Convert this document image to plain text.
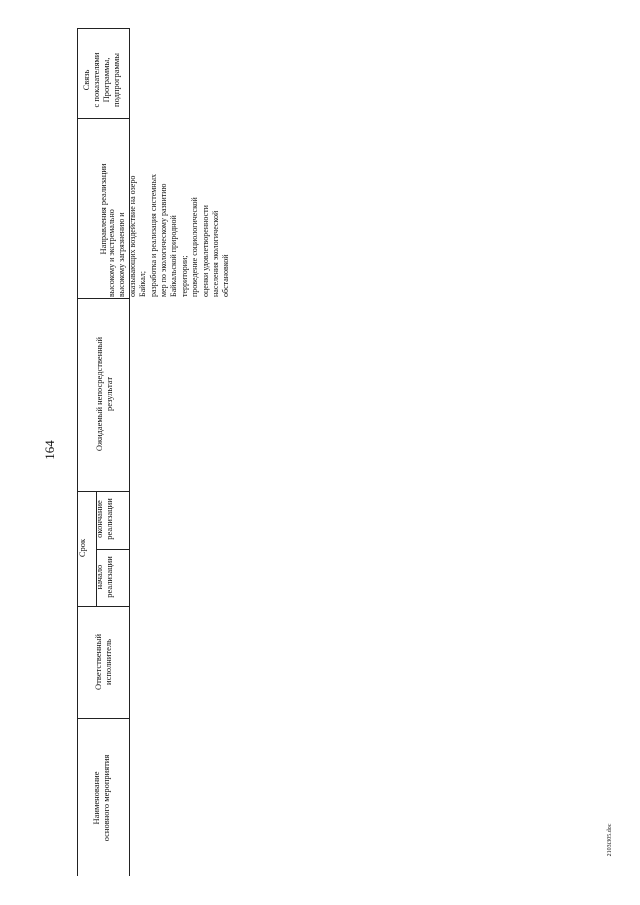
164
2103i305.doc
Связь с показателями Программы, подпрограммы
Направления реализации
Ожидаемый непосредственный результат
Срок
окончание реализации
начало реализации
Ответственный исполнитель
Наименование основного мероприятия
высокому и экстремально высокому загрязнению и оказывающих воздействие на озеро Байкал; разработка и реализация системных мер по экологическому развитию Байкальской природной территории; проведение социологической оценки удовлетворенности населения экологической обстановкой
